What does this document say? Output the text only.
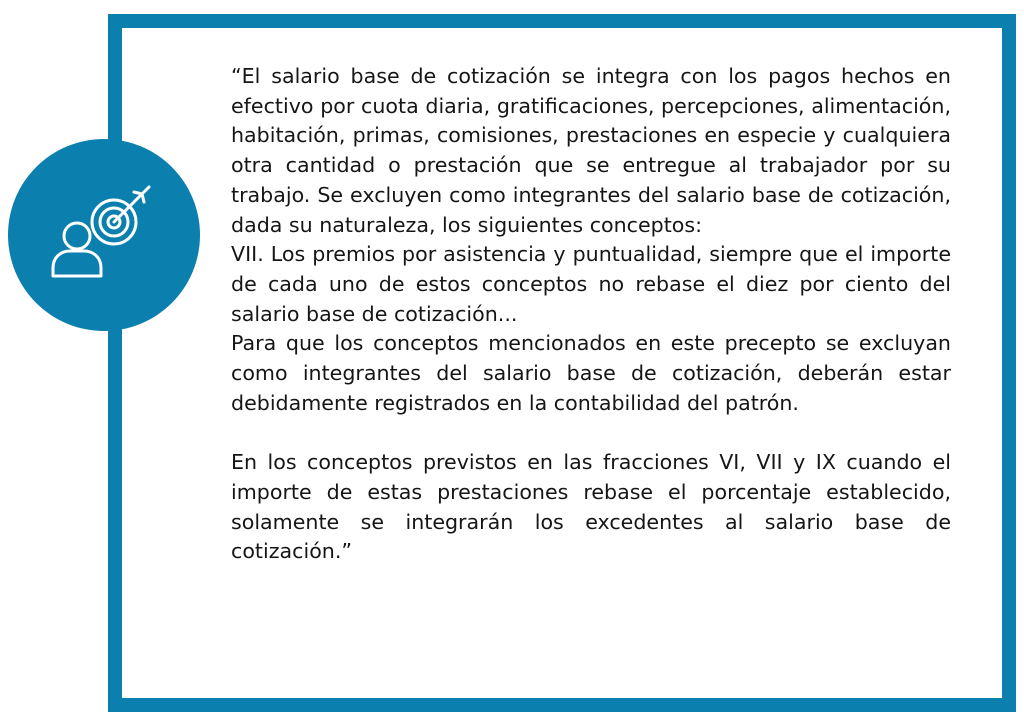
“El salario base de cotización se integra con los pagos hechos en efectivo por cuota diaria, gratificaciones, percepciones, alimentación, habitación, primas, comisiones, prestaciones en especie y cualquiera otra cantidad o prestación que se entregue al trabajador por su trabajo. Se excluyen como integrantes del salario base de cotización, dada su naturaleza, los siguientes conceptos:

VII. Los premios por asistencia y puntualidad, siempre que el importe de cada uno de estos conceptos no rebase el diez por ciento del salario base de cotización...

Para que los conceptos mencionados en este precepto se excluyan como integrantes del salario base de cotización, deberán estar debidamente registrados en la contabilidad del patrón.

En los conceptos previstos en las fracciones VI, VII y IX cuando el importe de estas prestaciones rebase el porcentaje establecido, solamente se integrarán los excedentes al salario base de cotización.”
